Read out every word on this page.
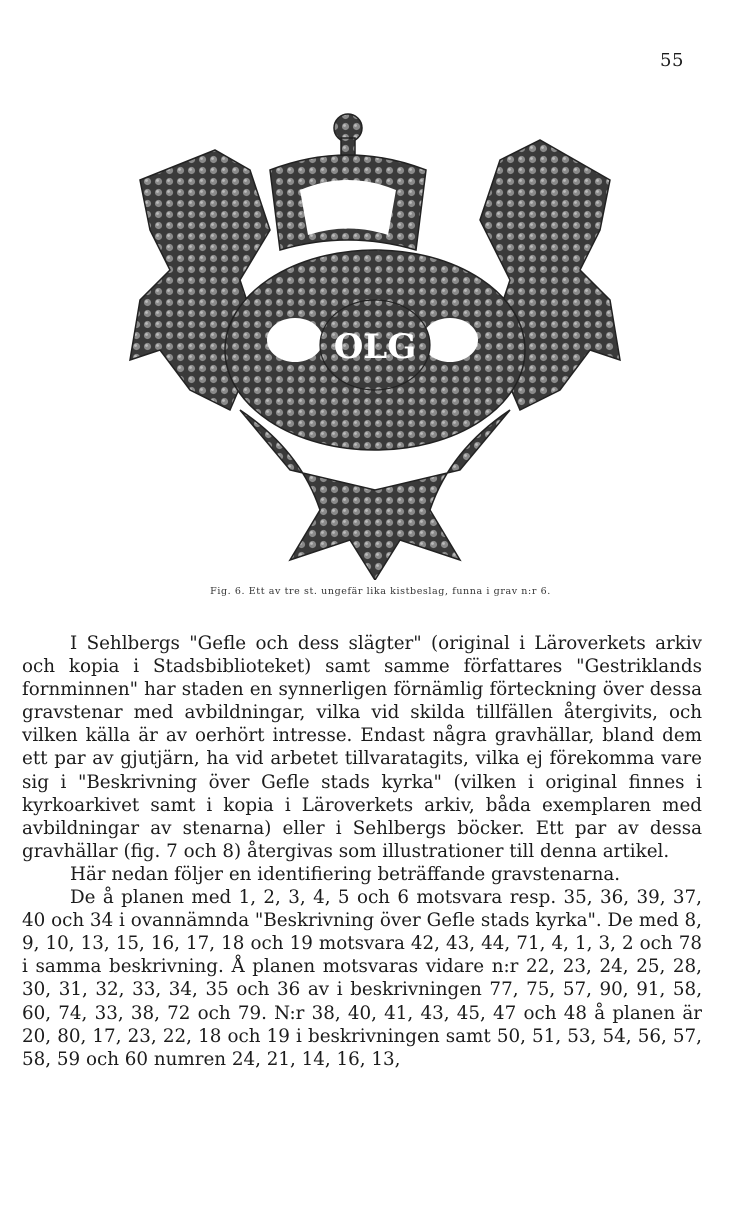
55
OLG
Fig. 6. Ett av tre st. ungefär lika kistbeslag, funna i grav n:r 6.

I Sehlbergs "Gefle och dess slägter" (original i Läroverkets arkiv och kopia i Stadsbiblioteket) samt samme författares "Gestriklands fornminnen" har staden en synnerligen förnämlig förteckning över dessa gravstenar med avbildningar, vilka vid skilda tillfällen återgivits, och vilken källa är av oerhört intresse. Endast några gravhällar, bland dem ett par av gjutjärn, ha vid arbetet tillvaratagits, vilka ej förekomma vare sig i "Beskrivning över Gefle stads kyrka" (vilken i original finnes i kyrkoarkivet samt i kopia i Läroverkets arkiv, båda exemplaren med avbildningar av stenarna) eller i Sehlbergs böcker. Ett par av dessa gravhällar (fig. 7 och 8) återgivas som illustrationer till denna artikel.

Här nedan följer en identifiering beträffande gravstenarna.

De å planen med 1, 2, 3, 4, 5 och 6 motsvara resp. 35, 36, 39, 37, 40 och 34 i ovannämnda "Beskrivning över Gefle stads kyrka". De med 8, 9, 10, 13, 15, 16, 17, 18 och 19 motsvara 42, 43, 44, 71, 4, 1, 3, 2 och 78 i samma beskrivning. Å planen motsvaras vidare n:r 22, 23, 24, 25, 28, 30, 31, 32, 33, 34, 35 och 36 av i beskrivningen 77, 75, 57, 90, 91, 58, 60, 74, 33, 38, 72 och 79. N:r 38, 40, 41, 43, 45, 47 och 48 å planen är 20, 80, 17, 23, 22, 18 och 19 i beskrivningen samt 50, 51, 53, 54, 56, 57, 58, 59 och 60 numren 24, 21, 14, 16, 13,
